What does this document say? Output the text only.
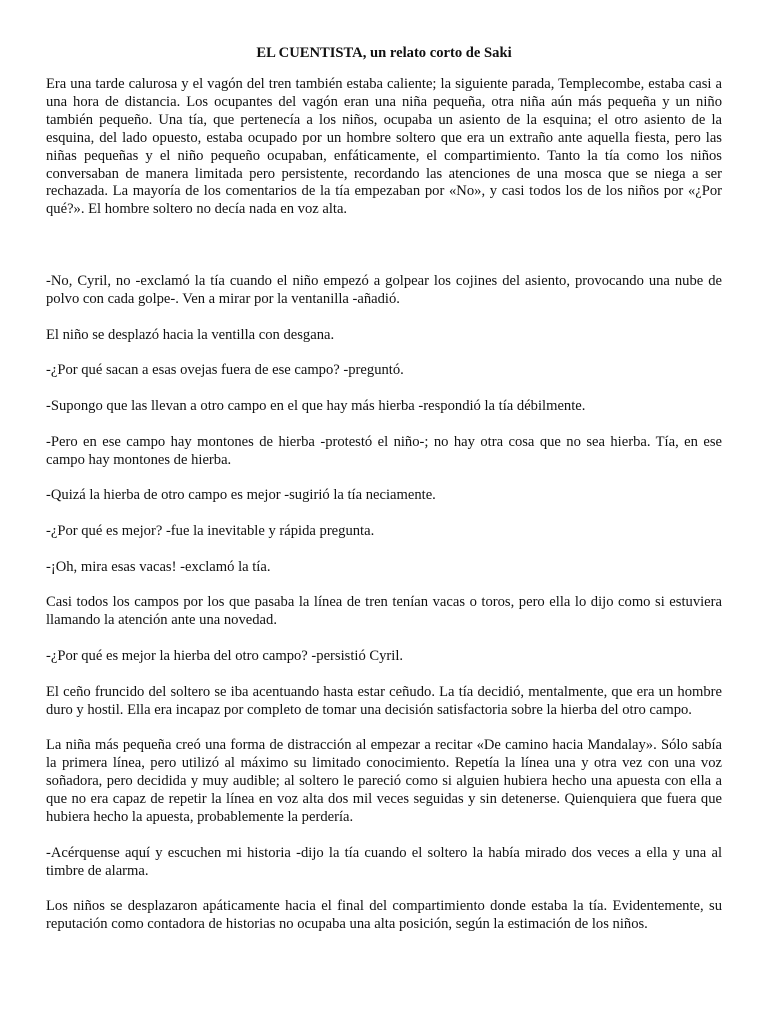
EL CUENTISTA, un relato corto de Saki

Era una tarde calurosa y el vagón del tren también estaba caliente; la siguiente parada, Templecombe, estaba casi a una hora de distancia. Los ocupantes del vagón eran una niña pequeña, otra niña aún más pequeña y un niño también pequeño. Una tía, que pertenecía a los niños, ocupaba un asiento de la esquina; el otro asiento de la esquina, del lado opuesto, estaba ocupado por un hombre soltero que era un extraño ante aquella fiesta, pero las niñas pequeñas y el niño pequeño ocupaban, enfáticamente, el compartimiento. Tanto la tía como los niños conversaban de manera limitada pero persistente, recordando las atenciones de una mosca que se niega a ser rechazada. La mayoría de los comentarios de la tía empezaban por «No», y casi todos los de los niños por «¿Por qué?». El hombre soltero no decía nada en voz alta.

-No, Cyril, no -exclamó la tía cuando el niño empezó a golpear los cojines del asiento, provocando una nube de polvo con cada golpe-. Ven a mirar por la ventanilla -añadió.

El niño se desplazó hacia la ventilla con desgana.

-¿Por qué sacan a esas ovejas fuera de ese campo? -preguntó.

-Supongo que las llevan a otro campo en el que hay más hierba -respondió la tía débilmente.

-Pero en ese campo hay montones de hierba -protestó el niño-; no hay otra cosa que no sea hierba. Tía, en ese campo hay montones de hierba.

-Quizá la hierba de otro campo es mejor -sugirió la tía neciamente.

-¿Por qué es mejor? -fue la inevitable y rápida pregunta.

-¡Oh, mira esas vacas! -exclamó la tía.

Casi todos los campos por los que pasaba la línea de tren tenían vacas o toros, pero ella lo dijo como si estuviera llamando la atención ante una novedad.

-¿Por qué es mejor la hierba del otro campo? -persistió Cyril.

El ceño fruncido del soltero se iba acentuando hasta estar ceñudo. La tía decidió, mentalmente, que era un hombre duro y hostil. Ella era incapaz por completo de tomar una decisión satisfactoria sobre la hierba del otro campo.

La niña más pequeña creó una forma de distracción al empezar a recitar «De camino hacia Mandalay». Sólo sabía la primera línea, pero utilizó al máximo su limitado conocimiento. Repetía la línea una y otra vez con una voz soñadora, pero decidida y muy audible; al soltero le pareció como si alguien hubiera hecho una apuesta con ella a que no era capaz de repetir la línea en voz alta dos mil veces seguidas y sin detenerse. Quienquiera que fuera que hubiera hecho la apuesta, probablemente la perdería.

-Acérquense aquí y escuchen mi historia -dijo la tía cuando el soltero la había mirado dos veces a ella y una al timbre de alarma.

Los niños se desplazaron apáticamente hacia el final del compartimiento donde estaba la tía. Evidentemente, su reputación como contadora de historias no ocupaba una alta posición, según la estimación de los niños.
